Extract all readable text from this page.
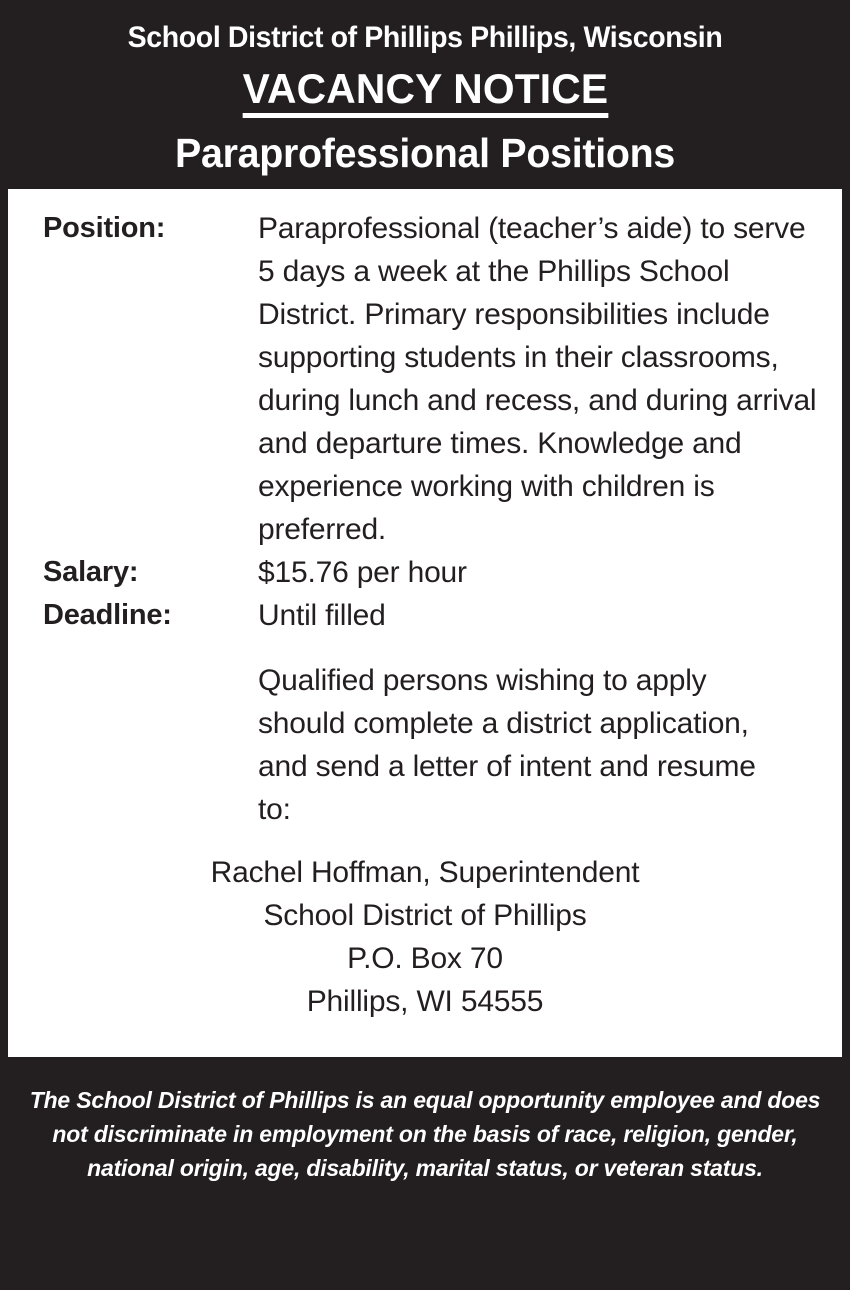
School District of Phillips Phillips, Wisconsin
VACANCY NOTICE
Paraprofessional Positions
Position:	Paraprofessional (teacher’s aide) to serve 5 days a week at the Phillips School District. Primary responsibilities include supporting students in their classrooms, during lunch and recess, and during arrival and departure times. Knowledge and experience working with children is preferred.
Salary:	$15.76 per hour
Deadline:	Until filled
Qualified persons wishing to apply should complete a district application, and send a letter of intent and resume to:
Rachel Hoffman, Superintendent
School District of Phillips
P.O. Box 70
Phillips, WI 54555
The School District of Phillips is an equal opportunity employee and does not discriminate in employment on the basis of race, religion, gender, national origin, age, disability, marital status, or veteran status.
